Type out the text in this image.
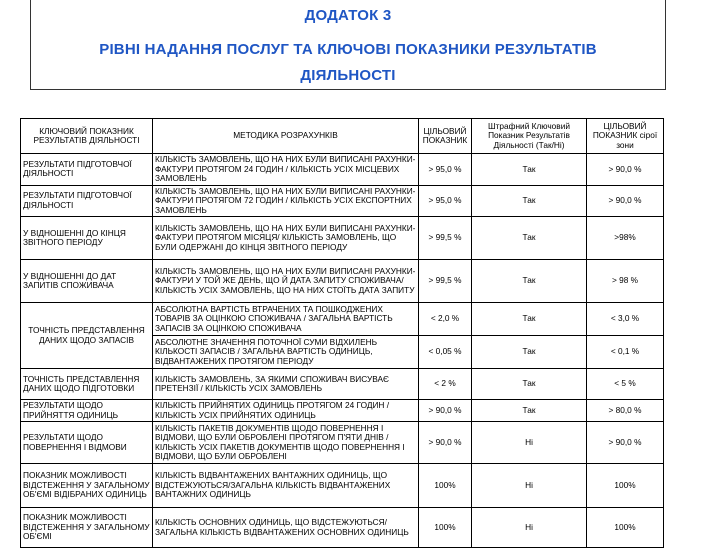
ДОДАТОК 3
РІВНІ НАДАННЯ ПОСЛУГ ТА КЛЮЧОВІ ПОКАЗНИКИ РЕЗУЛЬТАТІВ ДІЯЛЬНОСТІ
КЛЮЧОВИЙ ПОКАЗНИК РЕЗУЛЬТАТІВ ДІЯЛЬНОСТІ	МЕТОДИКА РОЗРАХУНКІВ	ЦІЛЬОВИЙ ПОКАЗНИК	Штрафний Ключовий Показник Результатів Діяльності (Так/Ні)	ЦІЛЬОВИЙ ПОКАЗНИК сірої зони
РЕЗУЛЬТАТИ ПІДГОТОВЧОЇ ДІЯЛЬНОСТІ	КІЛЬКІСТЬ ЗАМОВЛЕНЬ, ЩО НА НИХ БУЛИ ВИПИСАНІ РАХУНКИ-ФАКТУРИ ПРОТЯГОМ 24 ГОДИН / КІЛЬКІСТЬ УСІХ МІСЦЕВИХ ЗАМОВЛЕНЬ	> 95,0 %	Так	> 90,0 %
РЕЗУЛЬТАТИ ПІДГОТОВЧОЇ ДІЯЛЬНОСТІ	КІЛЬКІСТЬ ЗАМОВЛЕНЬ, ЩО НА НИХ БУЛИ ВИПИСАНІ РАХУНКИ-ФАКТУРИ ПРОТЯГОМ 72 ГОДИН / КІЛЬКІСТЬ УСІХ ЕКСПОРТНИХ ЗАМОВЛЕНЬ	> 95,0 %	Так	> 90,0 %
У ВІДНОШЕННІ ДО КІНЦЯ ЗВІТНОГО ПЕРІОДУ	КІЛЬКІСТЬ ЗАМОВЛЕНЬ, ЩО НА НИХ БУЛИ ВИПИСАНІ РАХУНКИ-ФАКТУРИ ПРОТЯГОМ МІСЯЦЯ/ КІЛЬКІСТЬ ЗАМОВЛЕНЬ, ЩО БУЛИ ОДЕРЖАНІ ДО КІНЦЯ ЗВІТНОГО ПЕРІОДУ	> 99,5 %	Так	>98%
У ВІДНОШЕННІ ДО ДАТ ЗАПИТІВ СПОЖИВАЧА	КІЛЬКІСТЬ ЗАМОВЛЕНЬ, ЩО НА НИХ БУЛИ ВИПИСАНІ РАХУНКИ-ФАКТУРИ У ТОЙ ЖЕ ДЕНЬ, ЩО Й ДАТА ЗАПИТУ СПОЖИВАЧА/ КІЛЬКІСТЬ УСІХ ЗАМОВЛЕНЬ, ЩО НА НИХ СТОЇТЬ ДАТА ЗАПИТУ	> 99,5 %	Так	> 98 %
ТОЧНІСТЬ ПРЕДСТАВЛЕННЯ ДАНИХ ЩОДО ЗАПАСІВ	АБСОЛЮТНА ВАРТІСТЬ ВТРАЧЕНИХ ТА ПОШКОДЖЕНИХ ТОВАРІВ ЗА ОЦІНКОЮ СПОЖИВАЧА / ЗАГАЛЬНА ВАРТІСТЬ ЗАПАСІВ ЗА ОЦІНКОЮ СПОЖИВАЧА	< 2,0 %	Так	< 3,0 %
	АБСОЛЮТНЕ ЗНАЧЕННЯ ПОТОЧНОЇ СУМИ ВІДХИЛЕНЬ КІЛЬКОСТІ ЗАПАСІВ / ЗАГАЛЬНА ВАРТІСТЬ ОДИНИЦЬ, ВІДВАНТАЖЕНИХ ПРОТЯГОМ ПЕРІОДУ	< 0,05 %	Так	< 0,1 %
ТОЧНІСТЬ ПРЕДСТАВЛЕННЯ ДАНИХ ЩОДО ПІДГОТОВКИ	КІЛЬКІСТЬ ЗАМОВЛЕНЬ, ЗА ЯКИМИ СПОЖИВАЧ ВИСУВАЄ ПРЕТЕНЗІЇ / КІЛЬКІСТЬ УСІХ ЗАМОВЛЕНЬ	< 2 %	Так	< 5 %
РЕЗУЛЬТАТИ ЩОДО ПРИЙНЯТТЯ ОДИНИЦЬ	КІЛЬКІСТЬ ПРИЙНЯТИХ ОДИНИЦЬ ПРОТЯГОМ 24 ГОДИН / КІЛЬКІСТЬ УСІХ ПРИЙНЯТИХ ОДИНИЦЬ	> 90,0 %	Так	> 80,0 %
РЕЗУЛЬТАТИ ЩОДО ПОВЕРНЕННЯ І ВІДМОВИ	КІЛЬКІСТЬ ПАКЕТІВ ДОКУМЕНТІВ ЩОДО ПОВЕРНЕННЯ І ВІДМОВИ, ЩО БУЛИ ОБРОБЛЕНІ ПРОТЯГОМ П'ЯТИ ДНІВ / КІЛЬКІСТЬ УСІХ ПАКЕТІВ ДОКУМЕНТІВ ЩОДО ПОВЕРНЕННЯ І ВІДМОВИ, ЩО БУЛИ ОБРОБЛЕНІ	> 90,0 %	Ні	> 90,0 %
ПОКАЗНИК МОЖЛИВОСТІ ВІДСТЕЖЕННЯ У ЗАГАЛЬНОМУ ОБ'ЄМІ ВІДІБРАНИХ ОДИНИЦЬ	КІЛЬКІСТЬ ВІДВАНТАЖЕНИХ ВАНТАЖНИХ ОДИНИЦЬ, ЩО ВІДСТЕЖУЮТЬСЯ/ЗАГАЛЬНА КІЛЬКІСТЬ ВІДВАНТАЖЕНИХ ВАНТАЖНИХ ОДИНИЦЬ	100%	Ні	100%
ПОКАЗНИК МОЖЛИВОСТІ ВІДСТЕЖЕННЯ У ЗАГАЛЬНОМУ ОБ'ЄМІ	КІЛЬКІСТЬ ОСНОВНИХ ОДИНИЦЬ, ЩО ВІДСТЕЖУЮТЬСЯ/ ЗАГАЛЬНА КІЛЬКІСТЬ ВІДВАНТАЖЕНИХ ОСНОВНИХ ОДИНИЦЬ	100%	Ні	100%
